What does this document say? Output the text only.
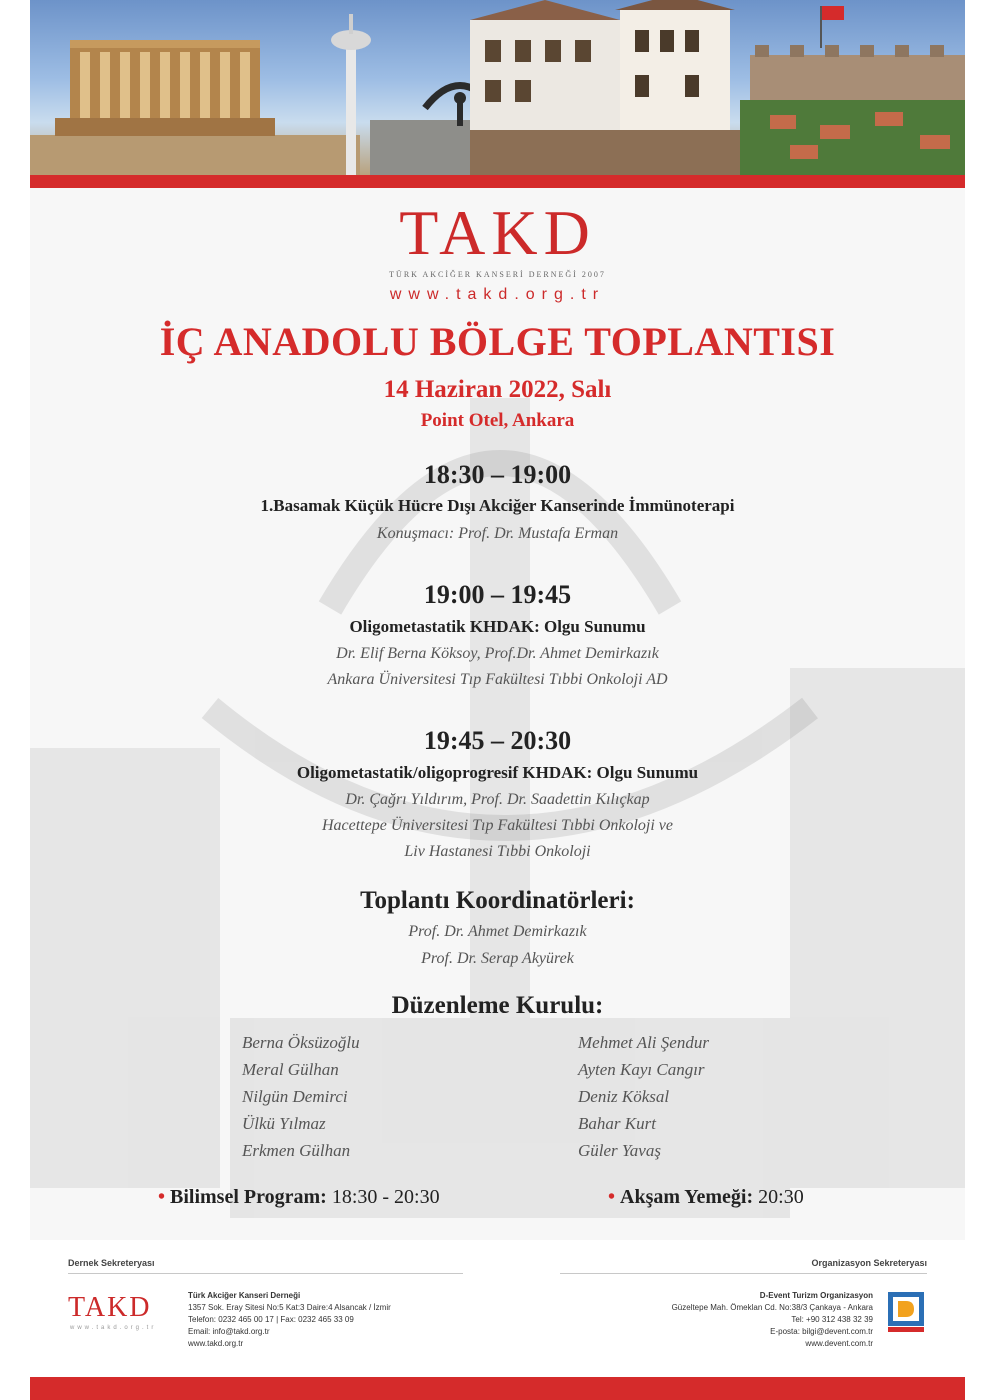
TAKD
TÜRK AKCİĞER KANSERİ DERNEĞİ 2007
www.takd.org.tr
İÇ ANADOLU BÖLGE TOPLANTISI
14 Haziran 2022, Salı
Point Otel, Ankara
18:30 – 19:00
1.Basamak Küçük Hücre Dışı Akciğer Kanserinde İmmünoterapi
Konuşmacı: Prof. Dr. Mustafa Erman
19:00 – 19:45
Oligometastatik KHDAK: Olgu Sunumu
Dr. Elif Berna Köksoy, Prof.Dr. Ahmet Demirkazık
Ankara Üniversitesi Tıp Fakültesi Tıbbi Onkoloji AD
19:45 – 20:30
Oligometastatik/oligoprogresif KHDAK: Olgu Sunumu
Dr. Çağrı Yıldırım, Prof. Dr. Saadettin Kılıçkap
Hacettepe Üniversitesi Tıp Fakültesi Tıbbi Onkoloji ve
Liv Hastanesi Tıbbi Onkoloji
Toplantı Koordinatörleri:
Prof. Dr. Ahmet Demirkazık
Prof. Dr. Serap Akyürek
Düzenleme Kurulu:
Berna Öksüzoğlu
Meral Gülhan
Nilgün Demirci
Ülkü Yılmaz
Erkmen Gülhan
Mehmet Ali Şendur
Ayten Kayı Cangır
Deniz Köksal
Bahar Kurt
Güler Yavaş
• Bilimsel Program: 18:30 - 20:30	• Akşam Yemeği: 20:30
Dernek Sekreteryası	Organizasyon Sekreteryası
TAKD
www.takd.org.tr
Türk Akciğer Kanseri Derneği
1357 Sok. Eray Sitesi No:5 Kat:3 Daire:4 Alsancak / İzmir
Telefon: 0232 465 00 17 | Fax: 0232 465 33 09
Email: info@takd.org.tr
www.takd.org.tr
D-Event Turizm Organizasyon
Güzeltepe Mah. Ömeklan Cd. No:38/3 Çankaya - Ankara
Tel: +90 312 438 32 39
E-posta: bilgi@devent.com.tr
www.devent.com.tr
